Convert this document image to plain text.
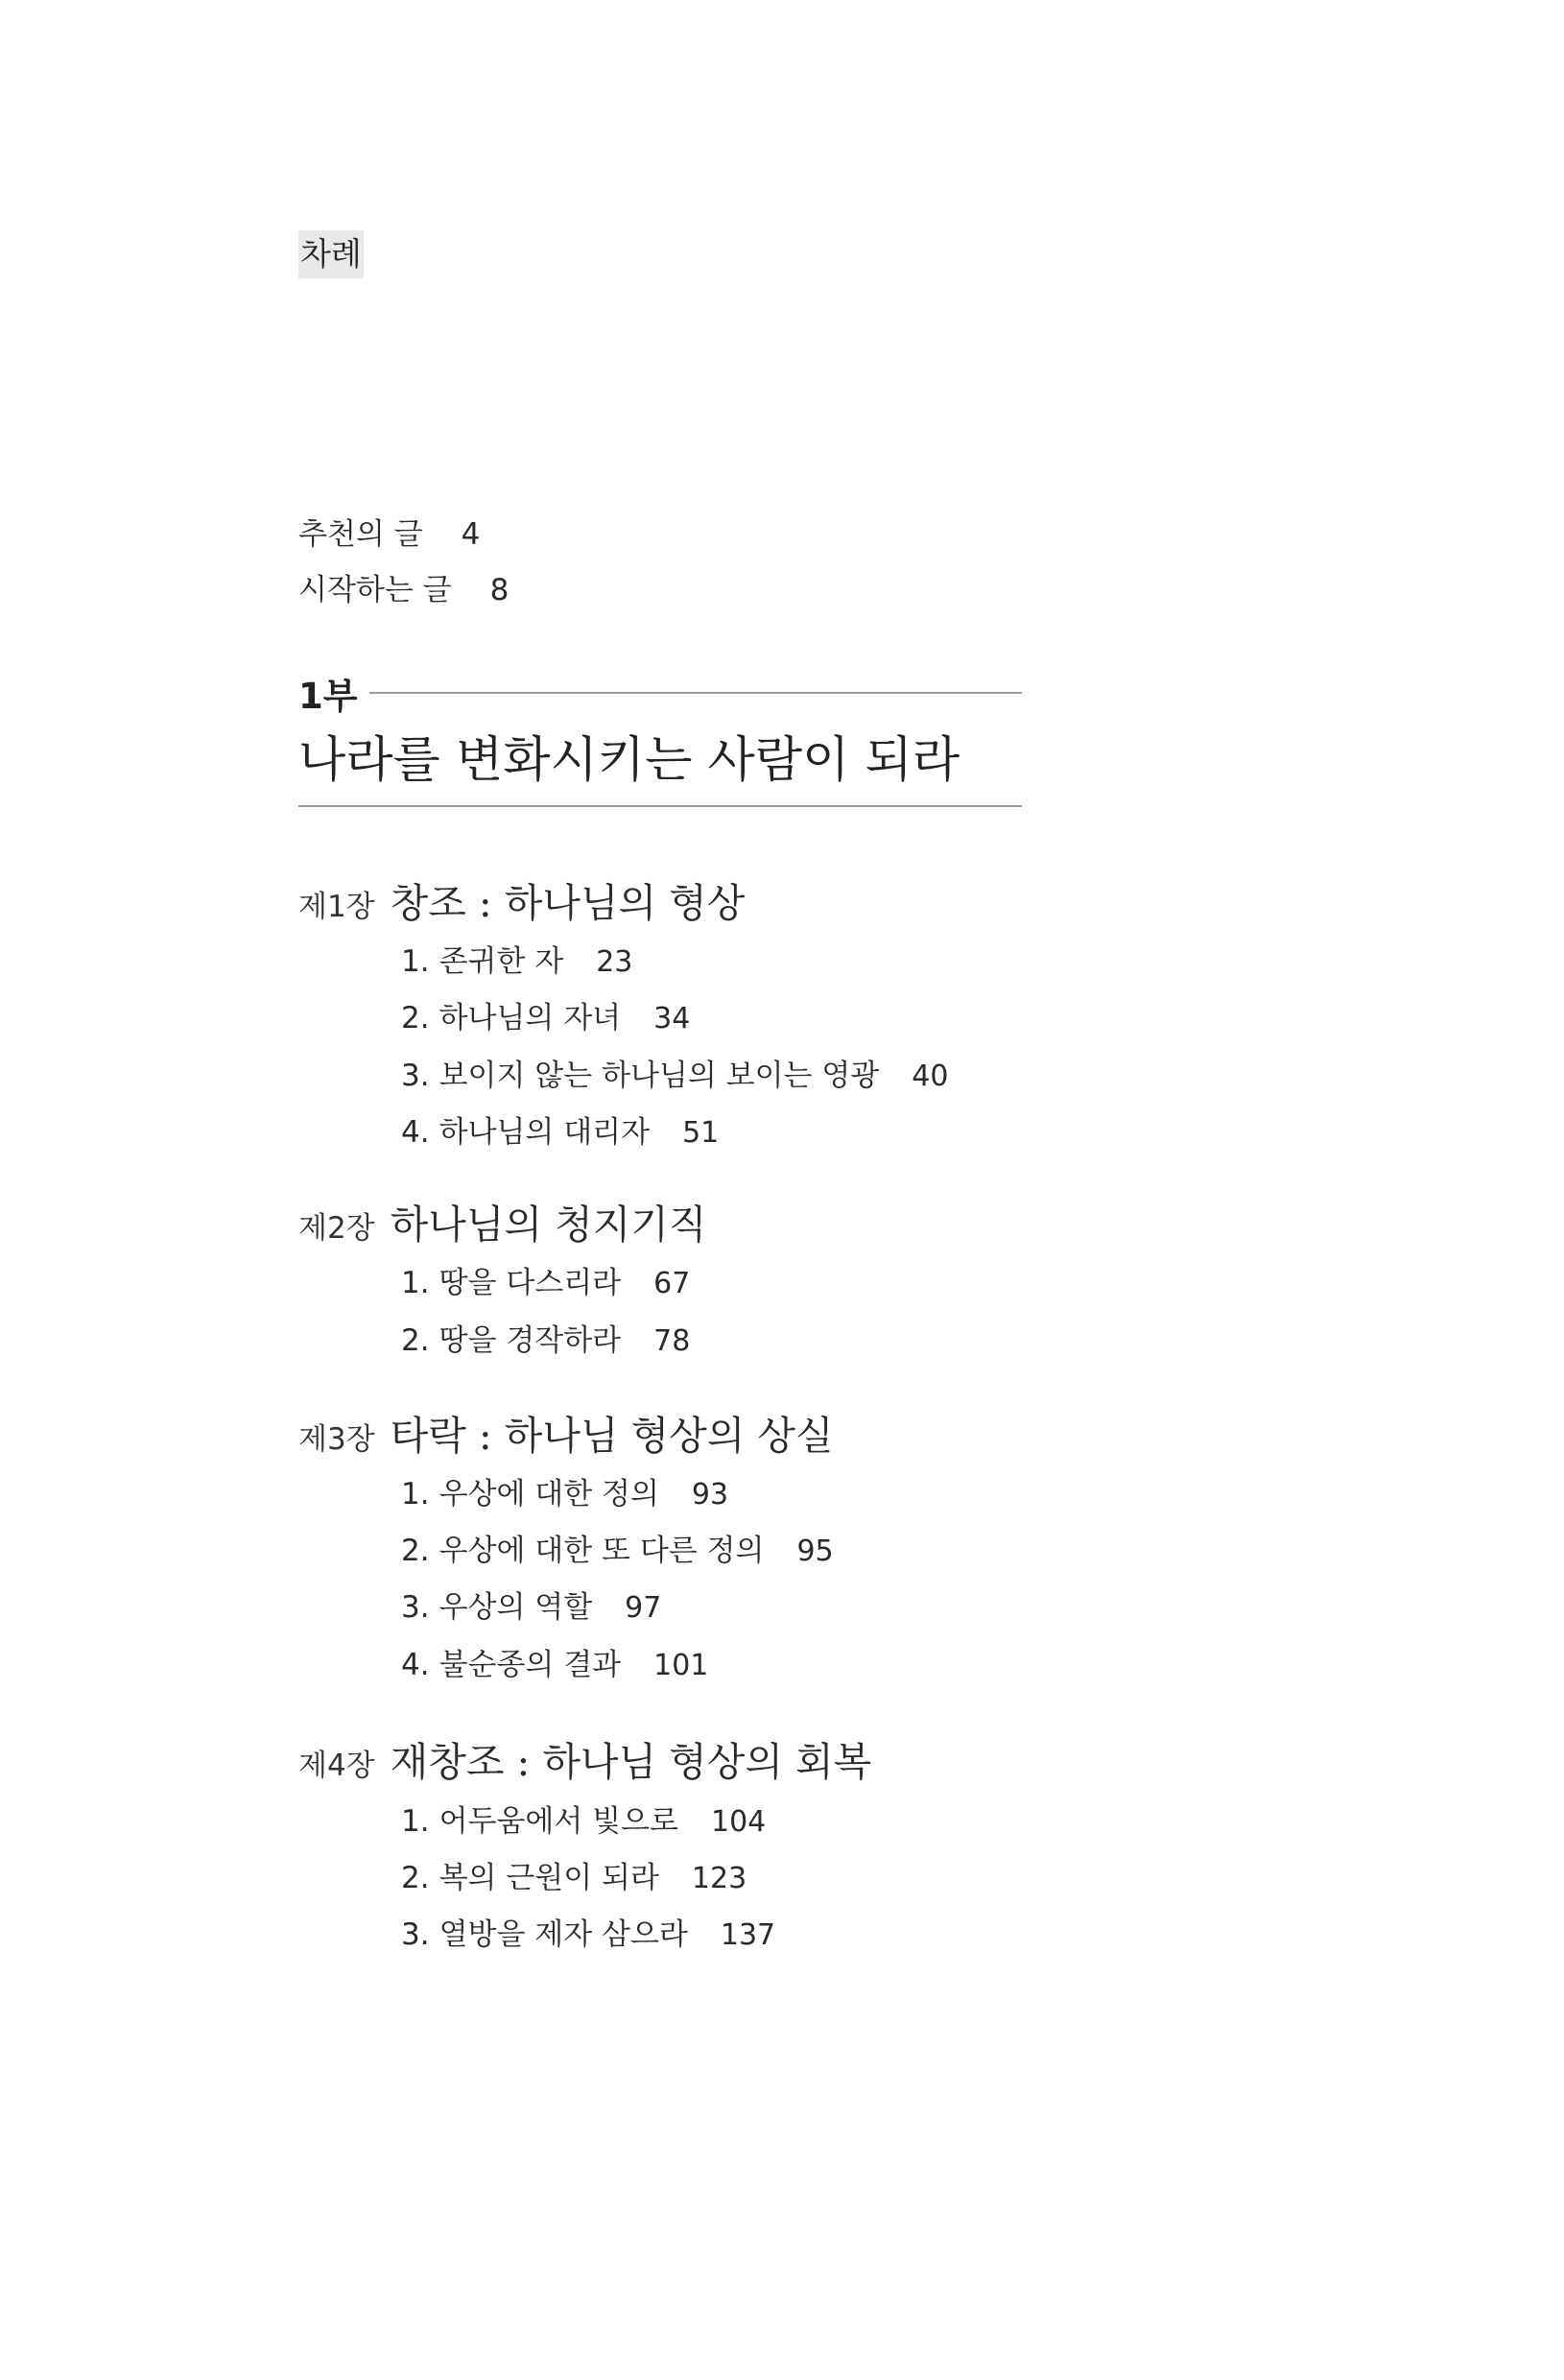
차례
추천의 글 4
시작하는 글 8
1부
나라를 변화시키는 사람이 되라
제1장 창조 : 하나님의 형상
1. 존귀한 자 23
2. 하나님의 자녀 34
3. 보이지 않는 하나님의 보이는 영광 40
4. 하나님의 대리자 51
제2장 하나님의 청지기직
1. 땅을 다스리라 67
2. 땅을 경작하라 78
제3장 타락 : 하나님 형상의 상실
1. 우상에 대한 정의 93
2. 우상에 대한 또 다른 정의 95
3. 우상의 역할 97
4. 불순종의 결과 101
제4장 재창조 : 하나님 형상의 회복
1. 어두움에서 빛으로 104
2. 복의 근원이 되라 123
3. 열방을 제자 삼으라 137
